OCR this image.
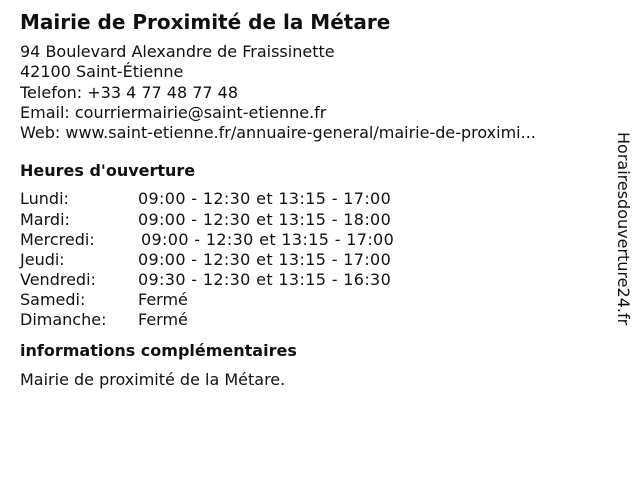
Mairie de Proximité de la Métare
94 Boulevard Alexandre de Fraissinette
42100 Saint-Étienne
Telefon: +33 4 77 48 77 48
Email: courriermairie@saint-etienne.fr
Web: www.saint-etienne.fr/annuaire-general/mairie-de-proximi...
Heures d'ouverture
Lundi:	09:00 - 12:30 et 13:15 - 17:00
Mardi:	09:00 - 12:30 et 13:15 - 18:00
Mercredi:	09:00 - 12:30 et 13:15 - 17:00
Jeudi:	09:00 - 12:30 et 13:15 - 17:00
Vendredi:	09:30 - 12:30 et 13:15 - 16:30
Samedi:	Fermé
Dimanche:	Fermé
informations complémentaires
Mairie de proximité de la Métare.
Horairesdouverture24.fr
